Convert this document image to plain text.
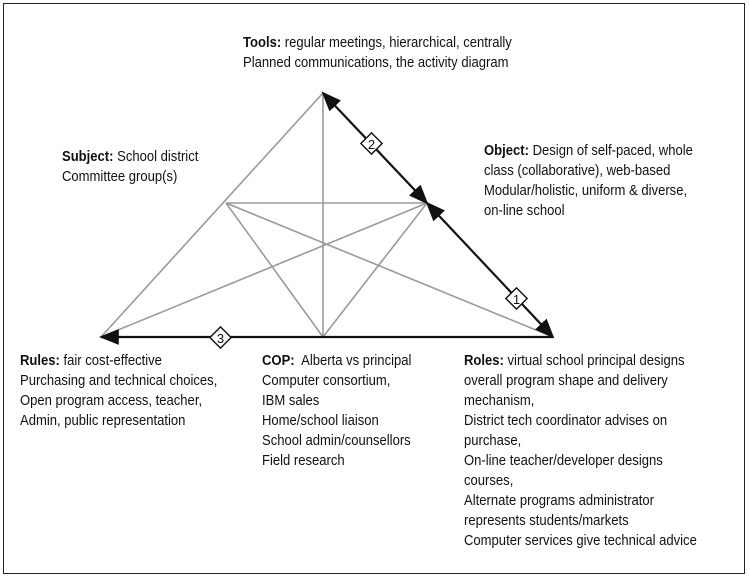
2
1
3
Tools: regular meetings, hierarchical, centrally
Planned communications, the activity diagram
Subject: School district
Committee group(s)
Object: Design of self-paced, whole
class (collaborative), web-based
Modular/holistic, uniform & diverse,
on-line school
Rules: fair cost-effective
Purchasing and technical choices,
Open program access, teacher,
Admin, public representation
COP:  Alberta vs principal
Computer consortium,
IBM sales
Home/school liaison
School admin/counsellors
Field research
Roles: virtual school principal designs
overall program shape and delivery
mechanism,
District tech coordinator advises on
purchase,
On-line teacher/developer designs
courses,
Alternate programs administrator
represents students/markets
Computer services give technical advice
